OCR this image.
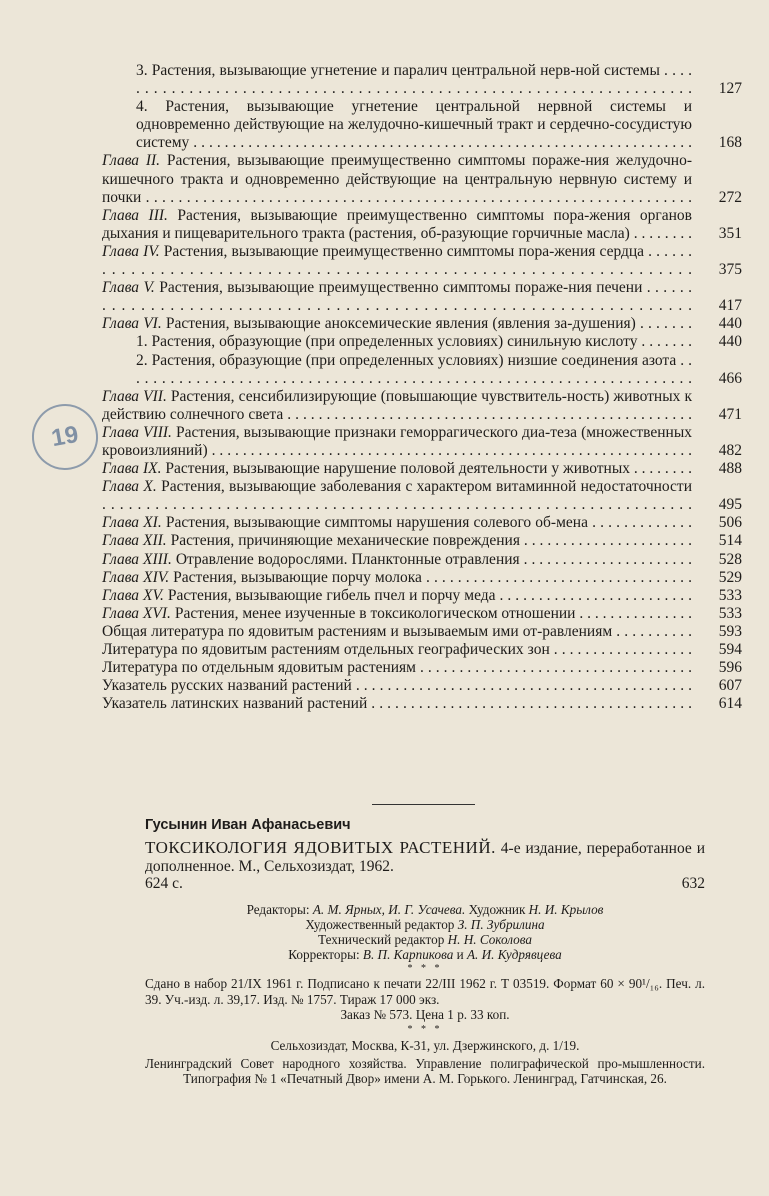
3. Растения, вызывающие угнетение и паралич центральной нерв-ной системы . . . . . . . . . . . . . . . . . . . . . . . . . . . . . . . . . . . . . . . . . . . . . . . . . . . . . . . . . . . . . . . . . . .	127
4. Растения, вызывающие угнетение центральной нервной системы и одновременно действующие на желудочно-кишечный тракт и сердечно-сосудистую систему . . . . . . . . . . . . . . . . . . . . . . . . . . . . . . . . . . . . . . . . . . . . . . . . . . . . . . . . . . . . . . . .	168
Глава II. Растения, вызывающие преимущественно симптомы пораже-ния желудочно-кишечного тракта и одновременно действующие на центральную нервную систему и почки . . . . . . . . . . . . . . . . . . . . . . . . . . . . . . . . . . . . . . . . . . . . . . . . . . . . . . . . . . . . . . . . . . .	272
Глава III. Растения, вызывающие преимущественно симптомы пора-жения органов дыхания и пищеварительного тракта (растения, об-разующие горчичные масла) . . . . . . . .	351
Глава IV. Растения, вызывающие преимущественно симптомы пора-жения сердца . . . . . . . . . . . . . . . . . . . . . . . . . . . . . . . . . . . . . . . . . . . . . . . . . . . . . . . . . . . . . . . . . . .	375
Глава V. Растения, вызывающие преимущественно симптомы пораже-ния печени . . . . . . . . . . . . . . . . . . . . . . . . . . . . . . . . . . . . . . . . . . . . . . . . . . . . . . . . . . . . . . . . . . .	417
Глава VI. Растения, вызывающие аноксемические явления (явления за-душения) . . . . . . .	440
1. Растения, образующие (при определенных условиях) синильную кислоту . . . . . . .	440
2. Растения, образующие (при определенных условиях) низшие соединения азота . . . . . . . . . . . . . . . . . . . . . . . . . . . . . . . . . . . . . . . . . . . . . . . . . . . . . . . . . . . . . . . . . . .	466
Глава VII. Растения, сенсибилизирующие (повышающие чувствитель-ность) животных к действию солнечного света . . . . . . . . . . . . . . . . . . . . . . . . . . . . . . . . . . . . . . . . . . . . . . . . . . . .	471
Глава VIII. Растения, вызывающие признаки геморрагического диа-теза (множественных кровоизлияний) . . . . . . . . . . . . . . . . . . . . . . . . . . . . . . . . . . . . . . . . . . . . . . . . . . . . . . . . . . . . . .	482
Глава IX. Растения, вызывающие нарушение половой деятельности у животных . . . . . . . .	488
Глава X. Растения, вызывающие заболевания с характером витаминной недостаточности . . . . . . . . . . . . . . . . . . . . . . . . . . . . . . . . . . . . . . . . . . . . . . . . . . . . . . . . . . . . . . . . . . .	495
Глава XI. Растения, вызывающие симптомы нарушения солевого об-мена . . . . . . . . . . . . .	506
Глава XII. Растения, причиняющие механические повреждения . . . . . . . . . . . . . . . . . . . . . .	514
Глава XIII. Отравление водорослями. Планктонные отравления . . . . . . . . . . . . . . . . . . . . . .	528
Глава XIV. Растения, вызывающие порчу молока . . . . . . . . . . . . . . . . . . . . . . . . . . . . . . . . . .	529
Глава XV. Растения, вызывающие гибель пчел и порчу меда . . . . . . . . . . . . . . . . . . . . . . . . .	533
Глава XVI. Растения, менее изученные в токсикологическом отношении . . . . . . . . . . . . . . .	533
Общая литература по ядовитым растениям и вызываемым ими от-равлениям . . . . . . . . . .	593
Литература по ядовитым растениям отдельных географических зон . . . . . . . . . . . . . . . . . .	594
Литература по отдельным ядовитым растениям . . . . . . . . . . . . . . . . . . . . . . . . . . . . . . . . . . .	596
Указатель русских названий растений . . . . . . . . . . . . . . . . . . . . . . . . . . . . . . . . . . . . . . . . . . .	607
Указатель латинских названий растений . . . . . . . . . . . . . . . . . . . . . . . . . . . . . . . . . . . . . . . . .	614
19
Гусынин Иван Афанасьевич
ТОКСИКОЛОГИЯ ЯДОВИТЫХ РАСТЕНИЙ. 4-е издание, переработанное и дополненное. М., Сельхозиздат, 1962.
624 с.	632
Редакторы: А. М. Ярных, И. Г. Усачева. Художник Н. И. Крылов
Художественный редактор З. П. Зубрилина
Технический редактор Н. Н. Соколова
Корректоры: В. П. Карпикова и А. И. Кудрявцева
* * *
Сдано в набор 21/IX 1961 г. Подписано к печати 22/III 1962 г. Т 03519. Формат 60 × 90¹/₁₆. Печ. л. 39. Уч.-изд. л. 39,17. Изд. № 1757. Тираж 17 000 экз.
Заказ № 573. Цена 1 р. 33 коп.
* * *
Сельхозиздат, Москва, К-31, ул. Дзержинского, д. 1/19.
Ленинградский Совет народного хозяйства. Управление полиграфической про-мышленности. Типография № 1 «Печатный Двор» имени А. М. Горького. Ленинград, Гатчинская, 26.
